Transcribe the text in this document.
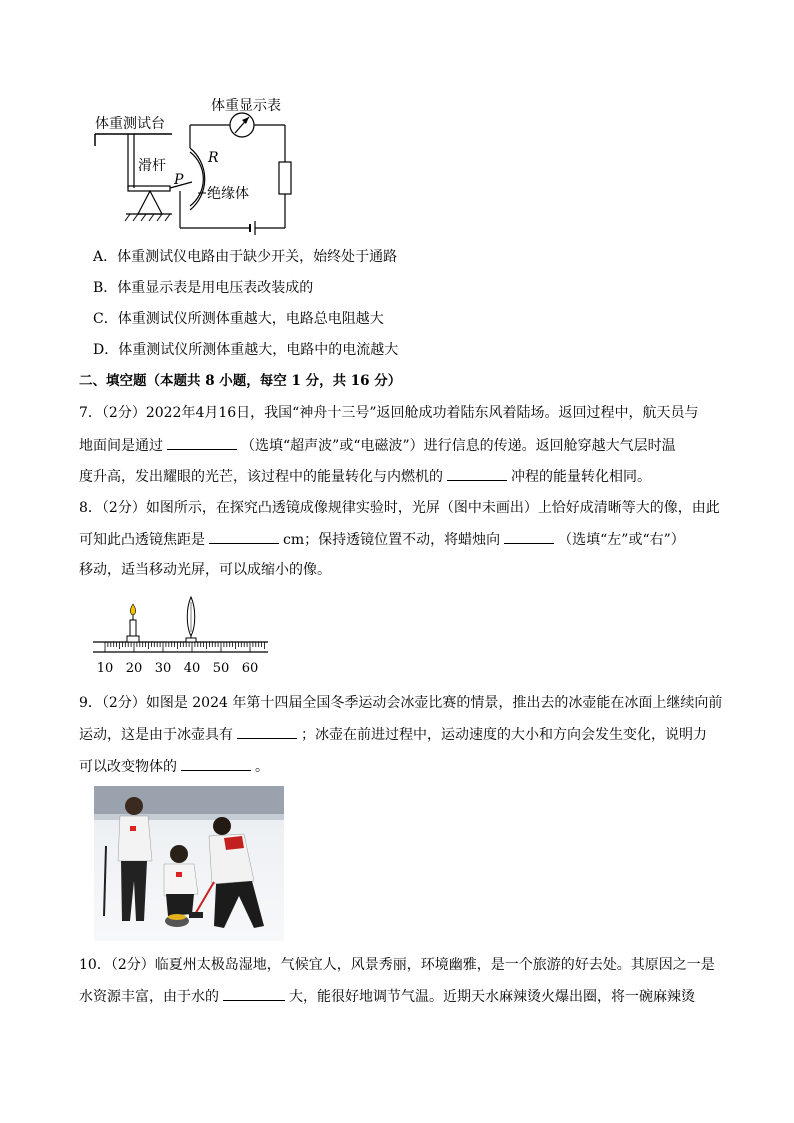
体重测试台
体重显示表
滑杆	R
P
绝缘体
A．体重测试仪电路由于缺少开关，始终处于通路
B．体重显示表是用电压表改装成的
C．体重测试仪所测体重越大，电路总电阻越大
D．体重测试仪所测体重越大，电路中的电流越大
二、填空题（本题共 8 小题，每空 1 分，共 16 分）
7．（2分）2022年4月16日，我国“神舟十三号”返回舱成功着陆东风着陆场。返回过程中，航天员与
地面间是通过	（选填“超声波”或“电磁波”）进行信息的传递。返回舱穿越大气层时温
度升高，发出耀眼的光芒，该过程中的能量转化与内燃机的	冲程的能量转化相同。
8．（2分）如图所示，在探究凸透镜成像规律实验时，光屏（图中未画出）上恰好成清晰等大的像，由此
可知此凸透镜焦距是	cm；保持透镜位置不动，将蜡烛向	（选填“左”或“右”）
移动，适当移动光屏，可以成缩小的像。
10 20 30 40 50 60
9．（2分）如图是 2024 年第十四届全国冬季运动会冰壶比赛的情景，推出去的冰壶能在冰面上继续向前
运动，这是由于冰壶具有	；冰壶在前进过程中，运动速度的大小和方向会发生变化，说明力
可以改变物体的	。
10．（2分）临夏州太极岛湿地，气候宜人，风景秀丽，环境幽雅，是一个旅游的好去处。其原因之一是
水资源丰富，由于水的	大，能很好地调节气温。近期天水麻辣烫火爆出圈，将一碗麻辣烫
